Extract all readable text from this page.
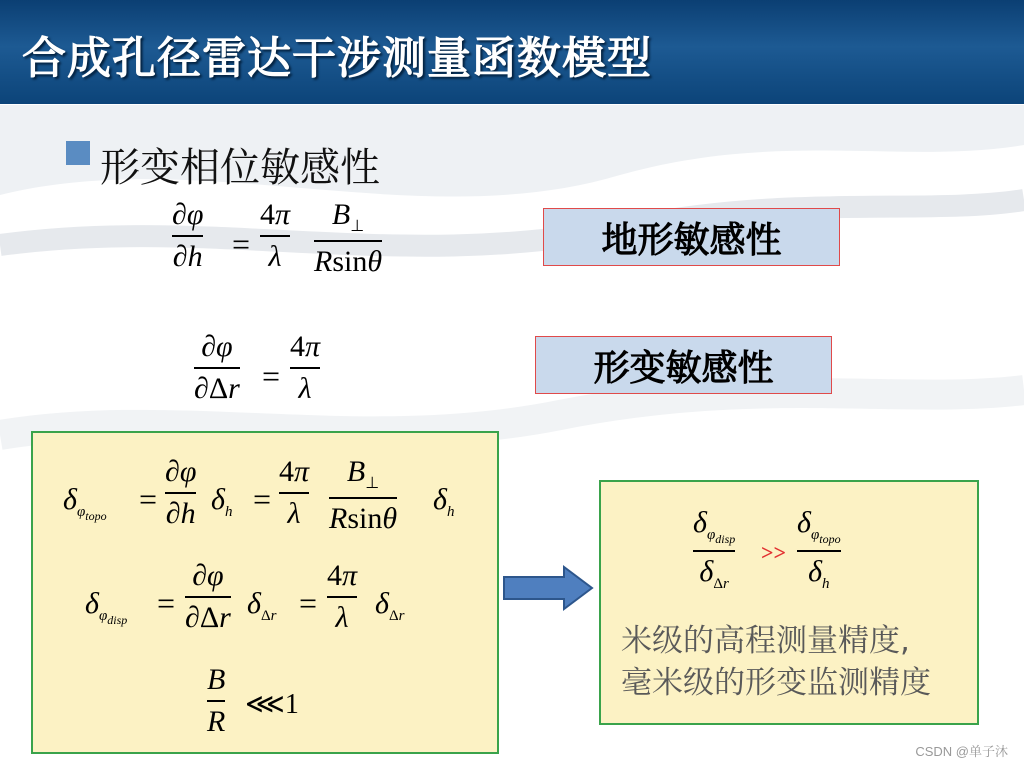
合成孔径雷达干涉测量函数模型
形变相位敏感性
∂φ
∂h =
4π
λ
$B_\perp$
Rsinθ
地形敏感性
∂φ
∂Δr =
4π
λ	形变敏感性
$\delta_{\varphi_{topo}}$ =
∂φ
∂h $\delta_h$ =
4π
λ
$B_\perp$
Rsinθ
$\delta_h$
$\delta_{\varphi_{disp}}$ =
∂φ
∂Δr $\delta_{\Delta r}$ =
4π
λ $\delta_{\Delta r}$
B
R ⋘1
$\delta_{\varphi_{disp}}$
$\delta_{\Delta r}$
>>
$\delta_{\varphi_{topo}}$
$\delta_h$
米级的高程测量精度,
毫米级的形变监测精度
CSDN @单子沐
